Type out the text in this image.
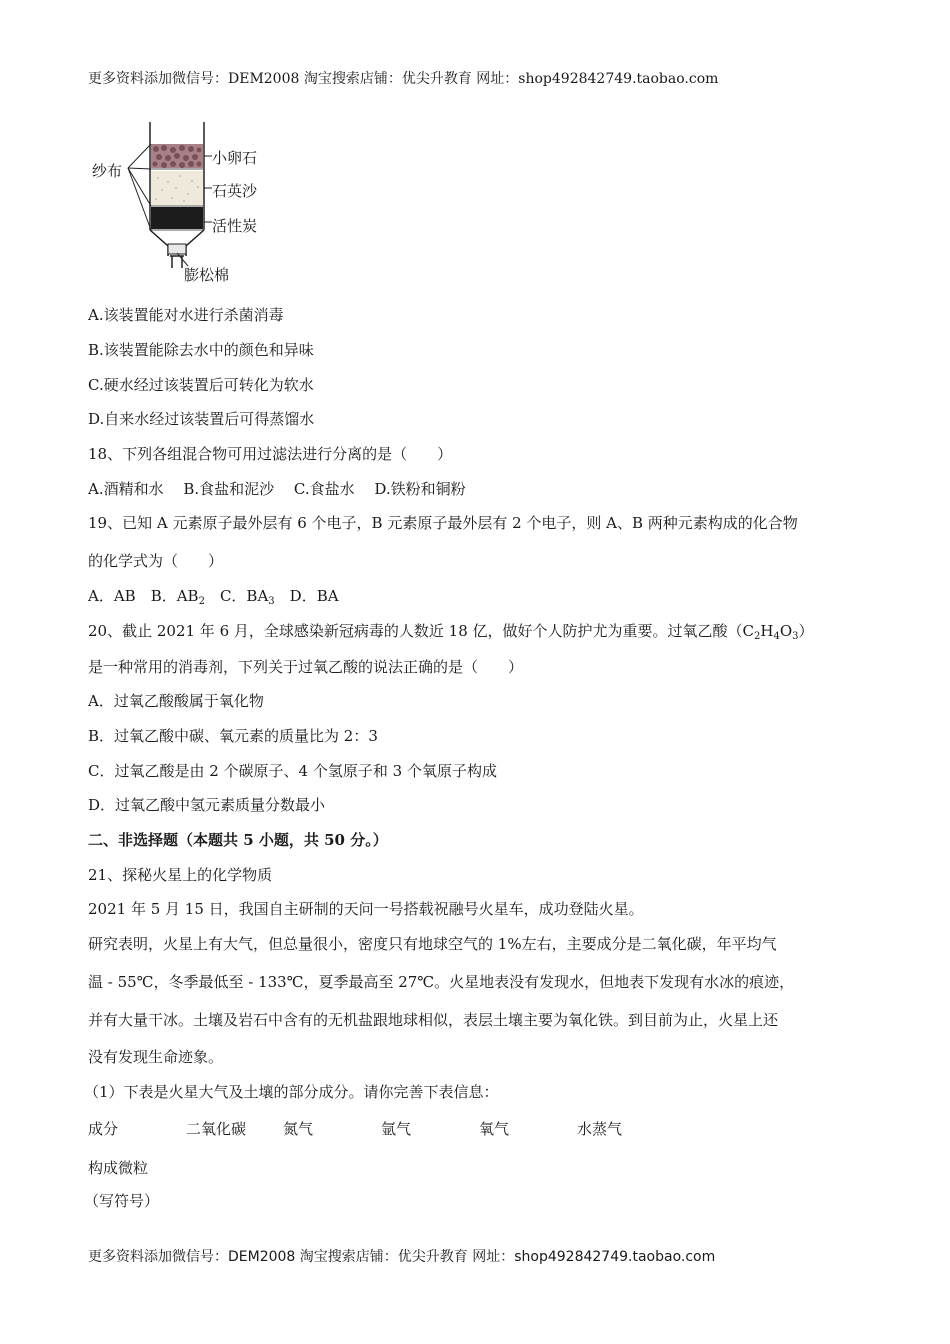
更多资料添加微信号：DEM2008 淘宝搜索店铺：优尖升教育 网址：shop492842749.taobao.com
纱布
小卵石
石英沙
活性炭
膨松棉
A.该装置能对水进行杀菌消毒
B.该装置能除去水中的颜色和异味
C.硬水经过该装置后可转化为软水
D.自来水经过该装置后可得蒸馏水
18、下列各组混合物可用过滤法进行分离的是（　　）
A.酒精和水　 B.食盐和泥沙　 C.食盐水　 D.铁粉和铜粉
19、已知 A 元素原子最外层有 6 个电子，B 元素原子最外层有 2 个电子，则 A、B 两种元素构成的化合物
的化学式为（　　）
A．AB　B．$AB_2$　C．$BA_3$　D．BA
20、截止 2021 年 6 月，全球感染新冠病毒的人数近 18 亿，做好个人防护尤为重要。过氧乙酸$(C_2H_4O_3)$
是一种常用的消毒剂，下列关于过氧乙酸的说法正确的是（　　）
A．过氧乙酸酸属于氧化物
B．过氧乙酸中碳、氧元素的质量比为 2：3
C．过氧乙酸是由 2 个碳原子、4 个氢原子和 3 个氧原子构成
D．过氧乙酸中氢元素质量分数最小
二、非选择题（本题共 5 小题，共 50 分。）
21、探秘火星上的化学物质
2021 年 5 月 15 日，我国自主研制的天问一号搭载祝融号火星车，成功登陆火星。
研究表明，火星上有大气，但总量很小，密度只有地球空气的 1%左右，主要成分是二氧化碳，年平均气
温 - 55℃，冬季最低至 - 133℃，夏季最高至 27℃。火星地表没有发现水，但地表下发现有水冰的痕迹，
并有大量干冰。土壤及岩石中含有的无机盐跟地球相似，表层土壤主要为氧化铁。到目前为止，火星上还
没有发现生命迹象。
（1）下表是火星大气及土壤的部分成分。请你完善下表信息：
成分	二氧化碳 氮气	氩气	氧气	水蒸气
构成微粒
（写符号）
更多资料添加微信号：DEM2008 淘宝搜索店铺：优尖升教育 网址：shop492842749.taobao.com
